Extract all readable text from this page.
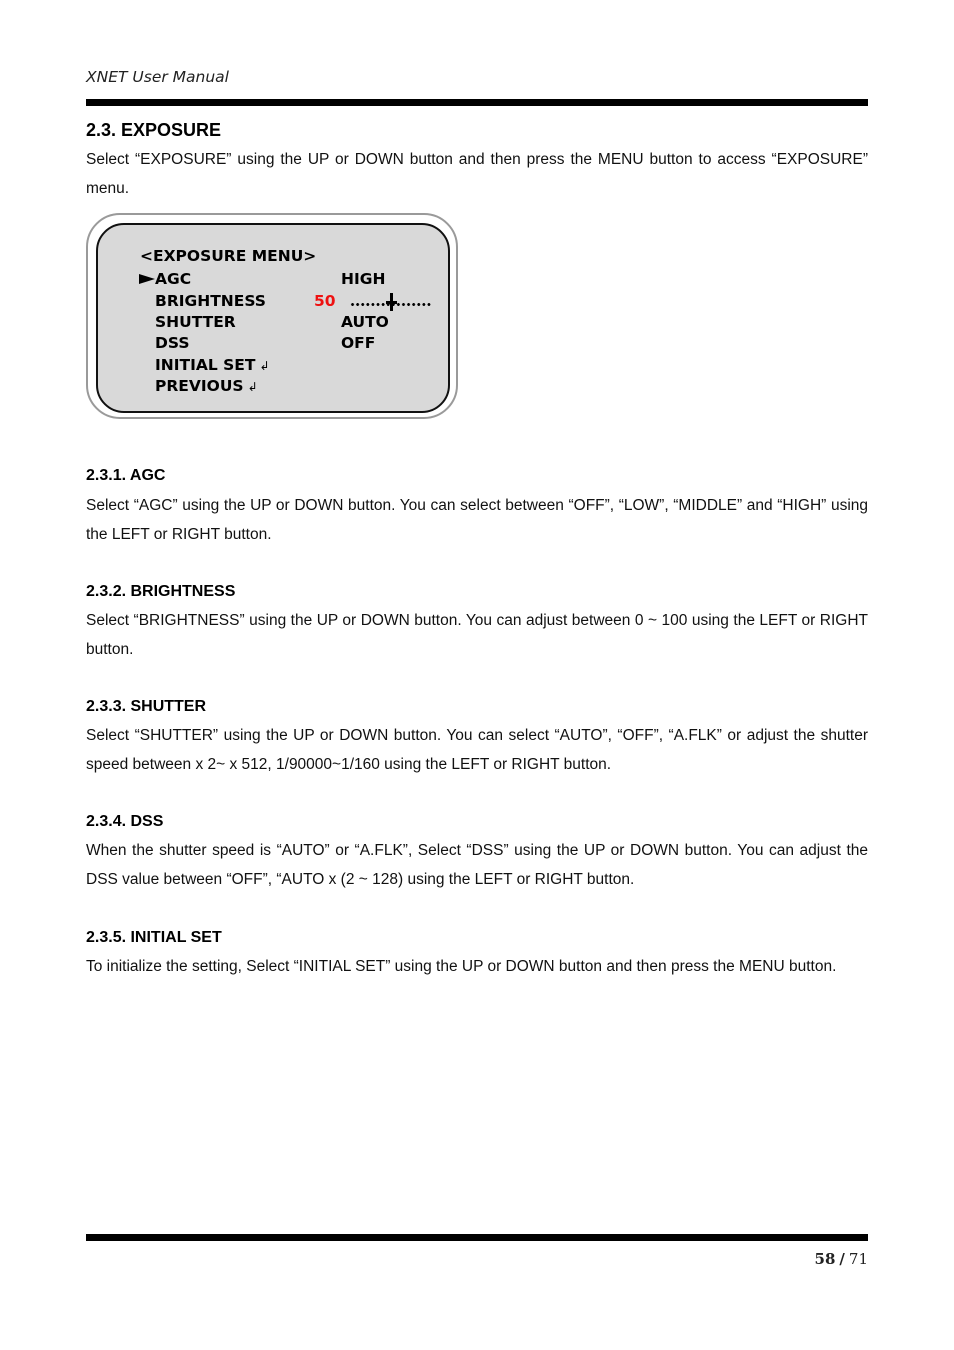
XNET User Manual
2.3. EXPOSURE

Select “EXPOSURE” using the UP or DOWN button and then press the MENU button to access “EXPOSURE” menu.

<EXPOSURE MENU>
AGC	HIGH
BRIGHTNESS	50
SHUTTER	AUTO
DSS	OFF
INITIAL SET ↲
PREVIOUS ↲
2.3.1. AGC

Select “AGC” using the UP or DOWN button. You can select between “OFF”, “LOW”, “MIDDLE” and “HIGH” using the LEFT or RIGHT button.

2.3.2. BRIGHTNESS

Select “BRIGHTNESS” using the UP or DOWN button. You can adjust between 0 ~ 100 using the LEFT or RIGHT button.

2.3.3. SHUTTER

Select “SHUTTER” using the UP or DOWN button. You can select “AUTO”, “OFF”, “A.FLK” or adjust the shutter speed between x 2~ x 512, 1/90000~1/160 using the LEFT or RIGHT button.

2.3.4. DSS

When the shutter speed is “AUTO” or “A.FLK”, Select “DSS” using the UP or DOWN button. You can adjust the DSS value between “OFF”, “AUTO x (2 ~ 128) using the LEFT or RIGHT button.

2.3.5. INITIAL SET

To initialize the setting, Select “INITIAL SET” using the UP or DOWN button and then press the MENU button.

58 / 71
